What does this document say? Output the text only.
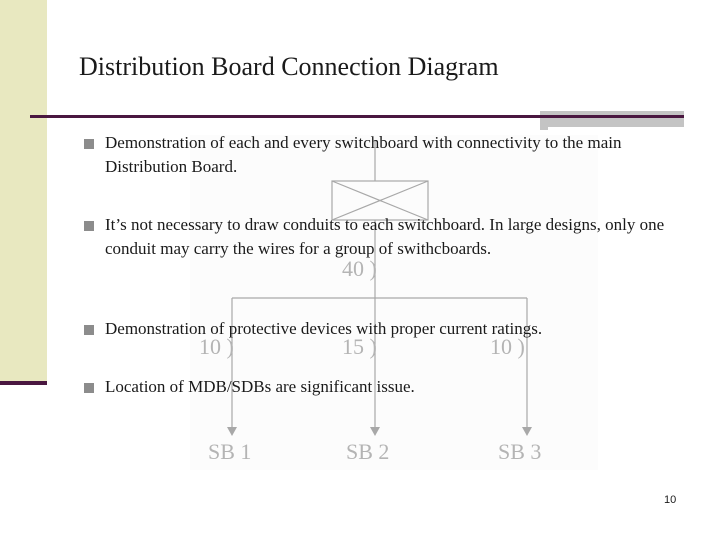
Distribution Board Connection Diagram
40 )
10 )	15 )	10 )
SB 1	SB 2	SB 3
Demonstration of each and every switchboard with connectivity to the main Distribution Board.
It’s not necessary to draw conduits to each switchboard. In large designs, only one conduit may carry the wires for a group of swithcboards.
Demonstration of protective devices with proper current ratings.
Location of MDB/SDBs are significant issue.
10
